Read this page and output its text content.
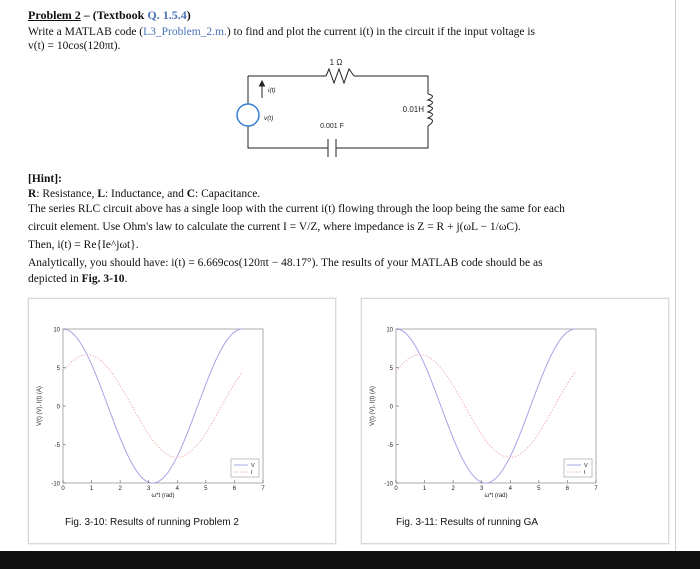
Problem 2 – (Textbook Q. 1.5.4)
Write a MATLAB code (L3_Problem_2.m.) to find and plot the current i(t) in the circuit if the input voltage is
v(t) = 10cos(120πt).
1 Ω
0.01H
0.001 F
i(t)
v(t)
[Hint]:
R: Resistance, L: Inductance, and C: Capacitance.
The series RLC circuit above has a single loop with the current i(t) flowing through the loop being the same for each
circuit element. Use Ohm's law to calculate the current I = V/Z, where impedance is Z = R + j(ωL − 1/ωC).
Then, i(t) = Re{Ie^jωt}.
Analytically, you should have: i(t) = 6.669cos(120πt − 48.17°). The results of your MATLAB code should be as
depicted in Fig. 3-10.
10
5
0
-5
-10
0	1	2	3	4	5	6	7
ω*t (rad)
V(t) (V), I(t) (A)
V
I
Fig. 3-10: Results of running Problem 2
10
5
0
-5
-10
0	1	2	3	4	5	6	7
ω*t (rad)
V(t) (V), I(t) (A)
V
I
Fig. 3-11: Results of running GA
